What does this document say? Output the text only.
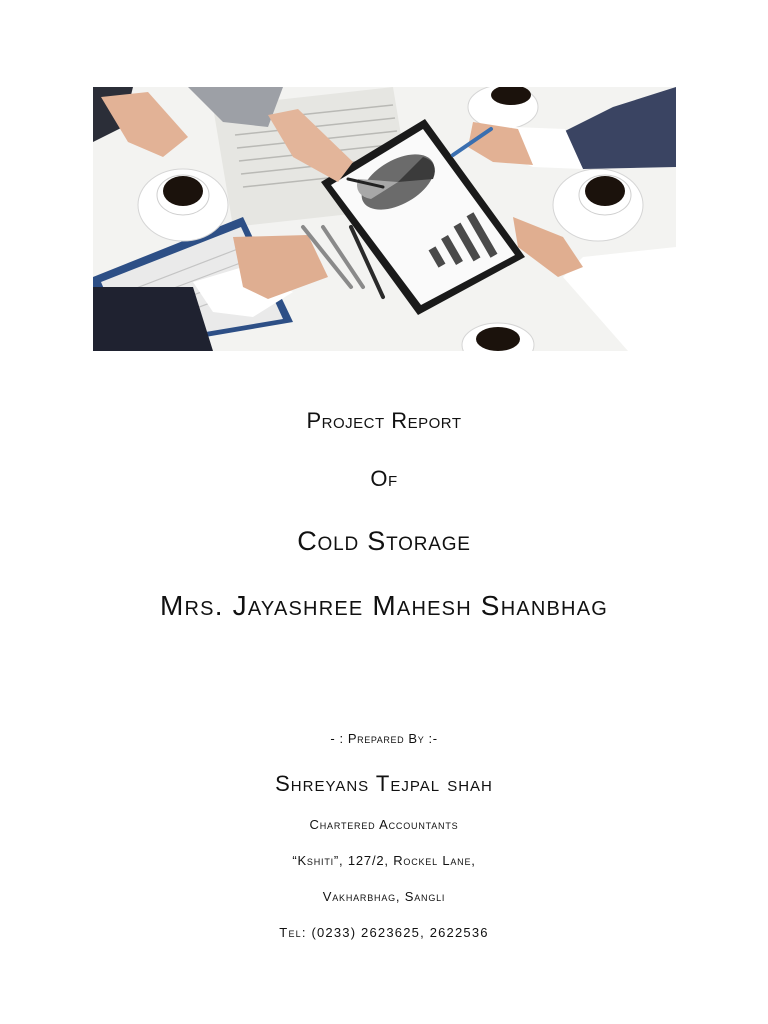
Project Report
Of
Cold Storage
Mrs. Jayashree Mahesh Shanbhag
- : Prepared By :-
Shreyans Tejpal shah
Chartered Accountants
“Kshiti”, 127/2, Rockel Lane,
Vakharbhag, Sangli
Tel: (0233) 2623625, 2622536
